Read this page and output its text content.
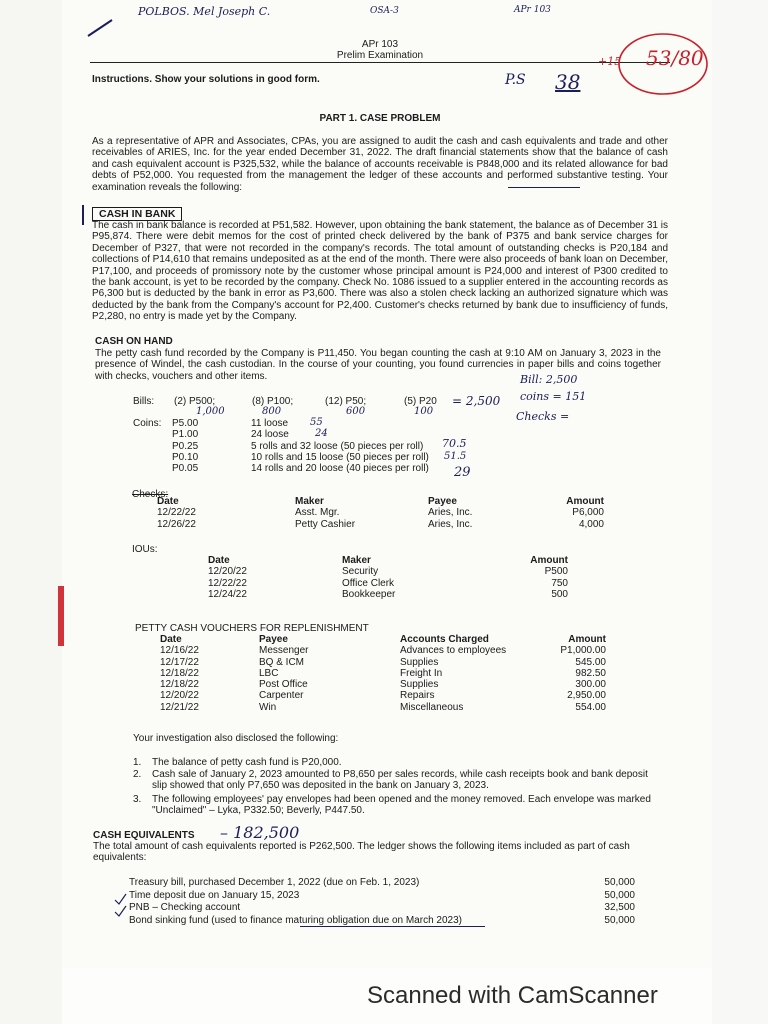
POLBOS. Mel Joseph C.	OSA-3	APr 103
APr 103
Prelim Examination
Instructions. Show your solutions in good form.	P.S 38
+15 53/80
PART 1. CASE PROBLEM
As a representative of APR and Associates, CPAs, you are assigned to audit the cash and cash equivalents and trade and other receivables of ARIES, Inc. for the year ended December 31, 2022. The draft financial statements show that the balance of cash and cash equivalent account is P325,532, while the balance of accounts receivable is P848,000 and its related allowance for bad debts of P52,000. You requested from the management the ledger of these accounts and performed substantive testing. Your examination reveals the following:
CASH IN BANK
The cash in bank balance is recorded at P51,582. However, upon obtaining the bank statement, the balance as of December 31 is P95,874. There were debit memos for the cost of printed check delivered by the bank of P375 and bank service charges for December of P327, that were not recorded in the company's records. The total amount of outstanding checks is P20,184 and collections of P14,610 that remains undeposited as at the end of the month. There were also proceeds of bank loan on December, P17,100, and proceeds of promissory note by the customer whose principal amount is P24,000 and interest of P300 credited to the bank account, is yet to be recorded by the company. Check No. 1086 issued to a supplier entered in the accounting records as P6,300 but is deducted by the bank in error as P3,600. There was also a stolen check lacking an authorized signature which was deducted by the bank from the Company's account for P2,400. Customer's checks returned by bank due to insufficiency of funds, P2,280, no entry is made yet by the Company.
CASH ON HAND
The petty cash fund recorded by the Company is P11,450. You began counting the cash at 9:10 AM on January 3, 2023 in the presence of Windel, the cash custodian. In the course of your counting, you found currencies in paper bills and coins together with checks, vouchers and other items.
Bills: (2) P500;	(8) P100;	(12) P50;	(5) P20
1,000	800	600	100
= 2,500
Bill: 2,500
coins = 151
Checks =
Coins: P5.00	11 loose
P1.00	24 loose
P0.25	5 rolls and 32 loose (50 pieces per roll)
P0.10	10 rolls and 15 loose (50 pieces per roll)
P0.05	14 rolls and 20 loose (40 pieces per roll)
55
24
70.5
51.5
29
Checks:
Date	Maker	Payee	Amount
12/22/22	Asst. Mgr.	Aries, Inc.	P6,000
12/26/22	Petty Cashier	Aries, Inc.	4,000
IOUs:
Date	Maker	Amount
12/20/22	Security	P500
12/22/22	Office Clerk	750
12/24/22	Bookkeeper	500
PETTY CASH VOUCHERS FOR REPLENISHMENT
Date	Payee	Accounts Charged	Amount
12/16/22	Messenger	Advances to employees	P1,000.00
12/17/22	BQ & ICM	Supplies	545.00
12/18/22	LBC	Freight In	982.50
12/18/22	Post Office	Supplies	300.00
12/20/22	Carpenter	Repairs	2,950.00
12/21/22	Win	Miscellaneous	554.00
Your investigation also disclosed the following:
1. The balance of petty cash fund is P20,000.
2. Cash sale of January 2, 2023 amounted to P8,650 per sales records, while cash receipts book and bank deposit slip showed that only P7,650 was deposited in the bank on January 3, 2023.
3. The following employees' pay envelopes had been opened and the money removed. Each envelope was marked "Unclaimed" – Lyka, P332.50; Beverly, P447.50.
CASH EQUIVALENTS – 182,500
The total amount of cash equivalents reported is P262,500. The ledger shows the following items included as part of cash equivalents:
Treasury bill, purchased December 1, 2022 (due on Feb. 1, 2023)	50,000
Time deposit due on January 15, 2023	50,000
PNB – Checking account	32,500
Bond sinking fund (used to finance maturing obligation due on March 2023)	50,000
Scanned with CamScanner
